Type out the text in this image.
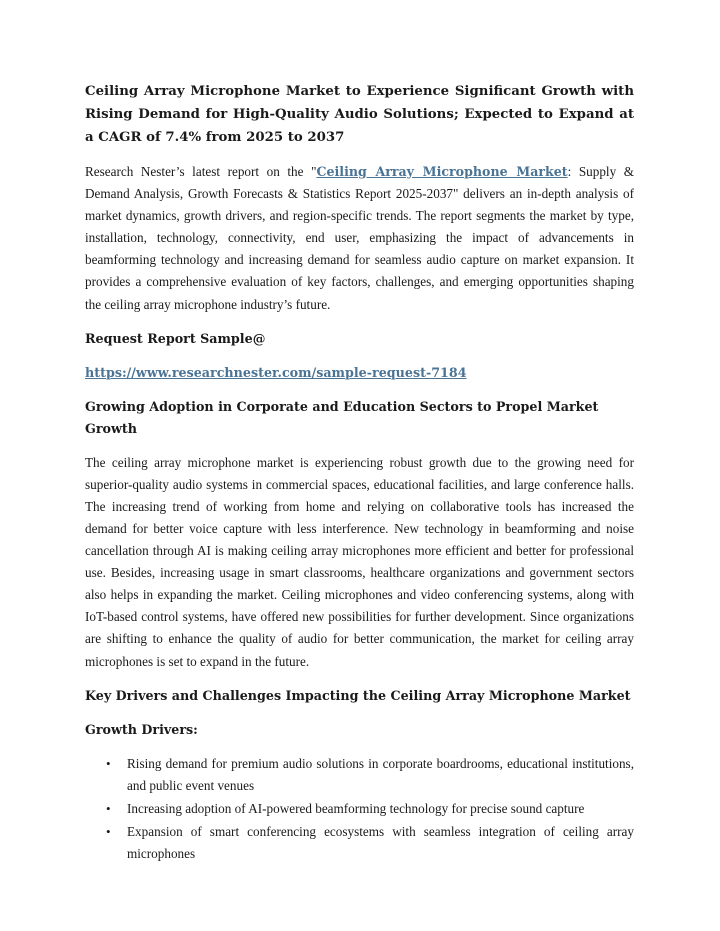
Ceiling Array Microphone Market to Experience Significant Growth with Rising Demand for High-Quality Audio Solutions; Expected to Expand at a CAGR of 7.4% from 2025 to 2037

Research Nester’s latest report on the "Ceiling Array Microphone Market: Supply & Demand Analysis, Growth Forecasts & Statistics Report 2025-2037" delivers an in-depth analysis of market dynamics, growth drivers, and region-specific trends. The report segments the market by type, installation, technology, connectivity, end user, emphasizing the impact of advancements in beamforming technology and increasing demand for seamless audio capture on market expansion. It provides a comprehensive evaluation of key factors, challenges, and emerging opportunities shaping the ceiling array microphone industry’s future.

Request Report Sample@
https://www.researchnester.com/sample-request-7184
Growing Adoption in Corporate and Education Sectors to Propel Market Growth

The ceiling array microphone market is experiencing robust growth due to the growing need for superior-quality audio systems in commercial spaces, educational facilities, and large conference halls. The increasing trend of working from home and relying on collaborative tools has increased the demand for better voice capture with less interference. New technology in beamforming and noise cancellation through AI is making ceiling array microphones more efficient and better for professional use. Besides, increasing usage in smart classrooms, healthcare organizations and government sectors also helps in expanding the market. Ceiling microphones and video conferencing systems, along with IoT-based control systems, have offered new possibilities for further development. Since organizations are shifting to enhance the quality of audio for better communication, the market for ceiling array microphones is set to expand in the future.

Key Drivers and Challenges Impacting the Ceiling Array Microphone Market
Growth Drivers:
• Rising demand for premium audio solutions in corporate boardrooms, educational institutions, and public event venues
• Increasing adoption of AI-powered beamforming technology for precise sound capture
• Expansion of smart conferencing ecosystems with seamless integration of ceiling array microphones
